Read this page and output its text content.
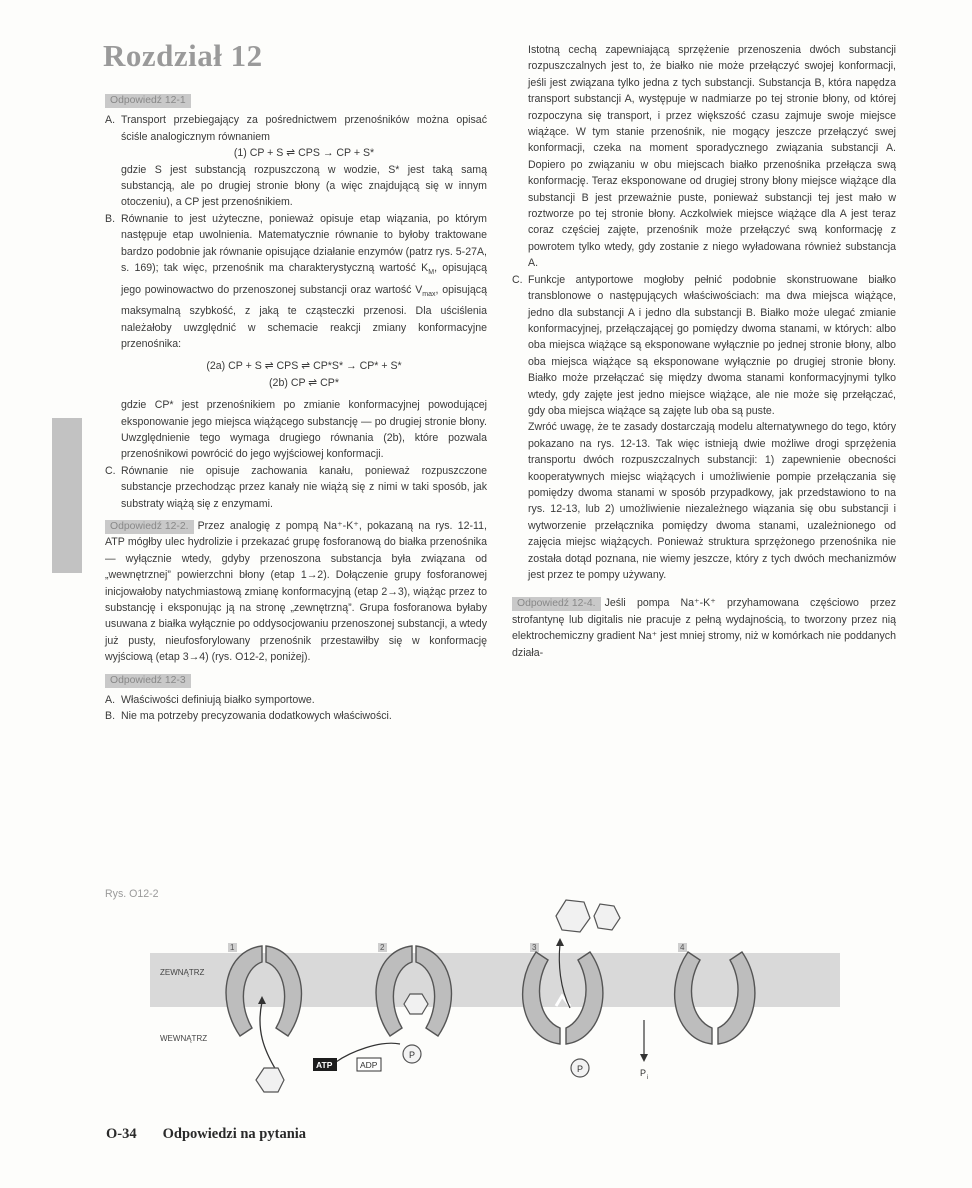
Rozdział 12
Odpowiedź 12-1
A. Transport przebiegający za pośrednictwem przenośników można opisać ściśle analogicznym równaniem

(1) CP + S ⇌ CPS → CP + S*

gdzie S jest substancją rozpuszczoną w wodzie, S* jest taką samą substancją, ale po drugiej stronie błony (a więc znajdującą się w innym otoczeniu), a CP jest przenośnikiem.

B. Równanie to jest użyteczne, ponieważ opisuje etap wiązania, po którym następuje etap uwolnienia. Matematycznie równanie to byłoby traktowane bardzo podobnie jak równanie opisujące działanie enzymów (patrz rys. 5-27A, s. 169); tak więc, przenośnik ma charakterystyczną wartość $K_M$, opisującą jego powinowactwo do przenoszonej substancji oraz wartość $V_{max}$, opisującą maksymalną szybkość, z jaką te cząsteczki przenosi. Dla uściślenia należałoby uwzględnić w schemacie reakcji zmiany konformacyjne przenośnika:

(2a) CP + S ⇌ CPS ⇌ CP*S* → CP* + S*

(2b) CP ⇌ CP*

gdzie CP* jest przenośnikiem po zmianie konformacyjnej powodującej eksponowanie jego miejsca wiążącego substancję — po drugiej stronie błony. Uwzględnienie tego wymaga drugiego równania (2b), które pozwala przenośnikowi powrócić do jego wyjściowej konformacji.

C. Równanie nie opisuje zachowania kanału, ponieważ rozpuszczone substancje przechodząc przez kanały nie wiążą się z nimi w taki sposób, jak substraty wiążą się z enzymami.

Odpowiedź 12-2. Przez analogię z pompą Na⁺-K⁺, pokazaną na rys. 12-11, ATP mógłby ulec hydrolizie i przekazać grupę fosforanową do białka przenośnika — wyłącznie wtedy, gdyby przenoszona substancja była związana od „wewnętrznej” powierzchni błony (etap 1→2). Dołączenie grupy fosforanowej inicjowałoby natychmiastową zmianę konformacyjną (etap 2→3), wiążąc przez to substancję i eksponując ją na stronę „zewnętrzną”. Grupa fosforanowa byłaby usuwana z białka wyłącznie po oddysocjowaniu przenoszonej substancji, a wtedy już pusty, nieufosforylowany przenośnik przestawiłby się w konformację wyjściową (etap 3→4) (rys. O12-2, poniżej).

Odpowiedź 12-3
A. Właściwości definiują białko symportowe.

B. Nie ma potrzeby precyzowania dodatkowych właściwości.

Istotną cechą zapewniającą sprzężenie przenoszenia dwóch substancji rozpuszczalnych jest to, że białko nie może przełączyć swojej konformacji, jeśli jest związana tylko jedna z tych substancji. Substancja B, która napędza transport substancji A, występuje w nadmiarze po tej stronie błony, od której rozpoczyna się transport, i przez większość czasu zajmuje swoje miejsce wiążące. W tym stanie przenośnik, nie mogący jeszcze przełączyć swej konformacji, czeka na moment sporadycznego związania substancji A. Dopiero po związaniu w obu miejscach białko przenośnika przełącza swą konformację. Teraz eksponowane od drugiej strony błony miejsce wiążące dla substancji B jest przeważnie puste, ponieważ substancji tej jest mało w roztworze po tej stronie błony. Aczkolwiek miejsce wiążące dla A jest teraz coraz częściej zajęte, przenośnik może przełączyć swą konformację z powrotem tylko wtedy, gdy zostanie z niego wyładowana również substancja A.

C. Funkcje antyportowe mogłoby pełnić podobnie skonstruowane białko transblonowe o następujących właściwościach: ma dwa miejsca wiążące, jedno dla substancji A i jedno dla substancji B. Białko może ulegać zmianie konformacyjnej, przełączającej go pomiędzy dwoma stanami, w których: albo oba miejsca wiążące są eksponowane wyłącznie po jednej stronie błony, albo oba miejsca wiążące są eksponowane wyłącznie po drugiej stronie błony. Białko może przełączać się między dwoma stanami konformacyjnymi tylko wtedy, gdy zajęte jest jedno miejsce wiążące, ale nie może się przełączać, gdy oba miejsca wiążące są zajęte lub oba są puste.

Zwróć uwagę, że te zasady dostarczają modelu alternatywnego do tego, który pokazano na rys. 12-13. Tak więc istnieją dwie możliwe drogi sprzężenia transportu dwóch rozpuszczalnych substancji: 1) zapewnienie obecności kooperatywnych miejsc wiążących i umożliwienie pompie przełączania się pomiędzy dwoma stanami w sposób przypadkowy, jak przedstawiono to na rys. 12-13, lub 2) umożliwienie niezależnego wiązania się obu substancji i wytworzenie przełącznika pomiędzy dwoma stanami, uzależnionego od zajęcia miejsc wiążących. Ponieważ struktura sprzężonego przenośnika nie została dotąd poznana, nie wiemy jeszcze, który z tych dwóch mechanizmów jest przez te pompy używany.

Odpowiedź 12-4. Jeśli pompa Na⁺-K⁺ przyhamowana częściowo przez strofantynę lub digitalis nie pracuje z pełną wydajnością, to tworzony przez nią elektrochemiczny gradient Na⁺ jest mniej stromy, niż w komórkach nie poddanych działa-

Rys. O12-2
ZEWNĄTRZ
WEWNĄTRZ
1	2	3	4
P
ATP	ADP	P	P i
O-34 Odpowiedzi na pytania
